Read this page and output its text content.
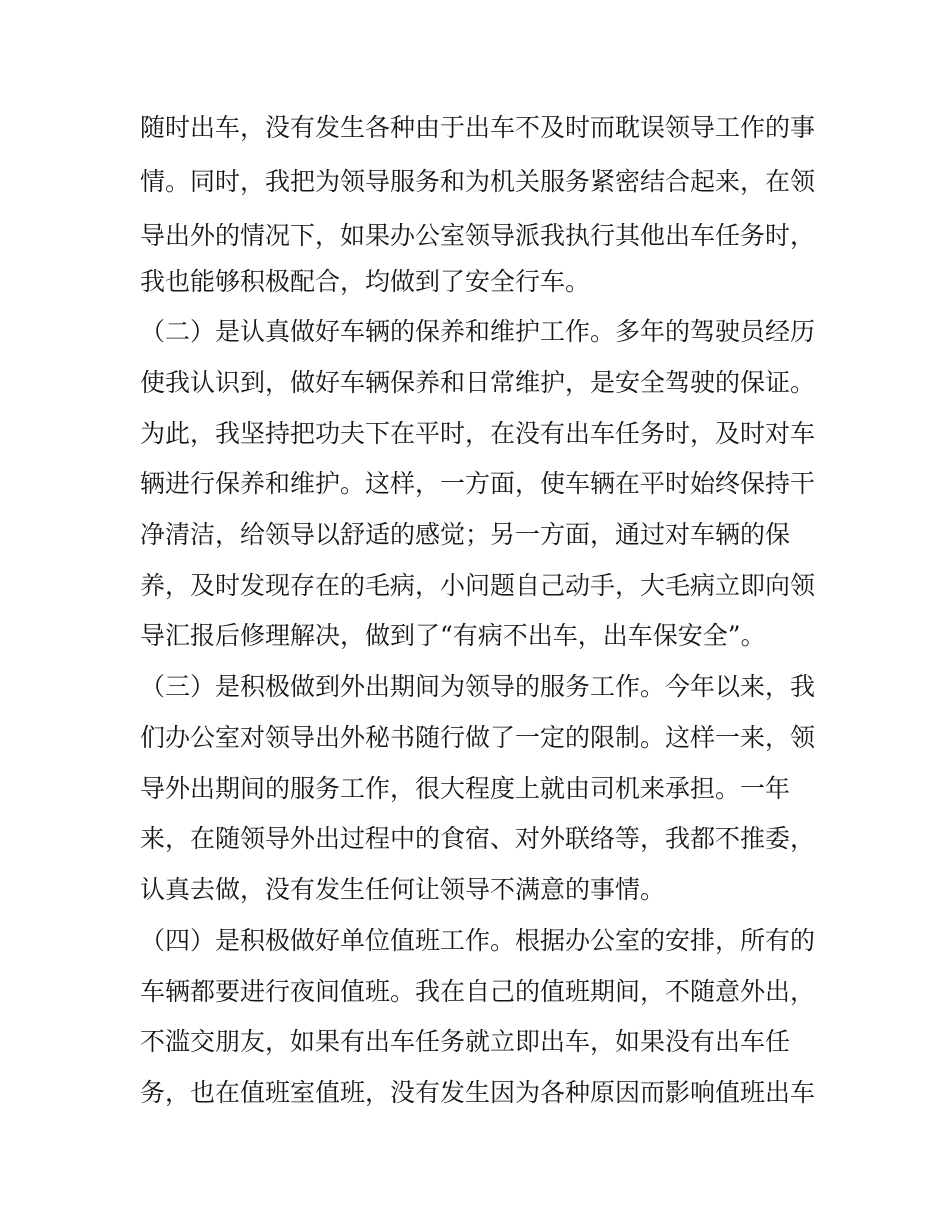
随时出车，没有发生各种由于出车不及时而耽误领导工作的事
情。同时，我把为领导服务和为机关服务紧密结合起来，在领
导出外的情况下，如果办公室领导派我执行其他出车任务时，
我也能够积极配合，均做到了安全行车。
（二）是认真做好车辆的保养和维护工作。多年的驾驶员经历
使我认识到，做好车辆保养和日常维护，是安全驾驶的保证。
为此，我坚持把功夫下在平时，在没有出车任务时，及时对车
辆进行保养和维护。这样，一方面，使车辆在平时始终保持干
净清洁，给领导以舒适的感觉；另一方面，通过对车辆的保
养，及时发现存在的毛病，小问题自己动手，大毛病立即向领
导汇报后修理解决，做到了“有病不出车，出车保安全”。
（三）是积极做到外出期间为领导的服务工作。今年以来，我
们办公室对领导出外秘书随行做了一定的限制。这样一来，领
导外出期间的服务工作，很大程度上就由司机来承担。一年
来，在随领导外出过程中的食宿、对外联络等，我都不推委，
认真去做，没有发生任何让领导不满意的事情。
（四）是积极做好单位值班工作。根据办公室的安排，所有的
车辆都要进行夜间值班。我在自己的值班期间，不随意外出，
不滥交朋友，如果有出车任务就立即出车，如果没有出车任
务，也在值班室值班，没有发生因为各种原因而影响值班出车
